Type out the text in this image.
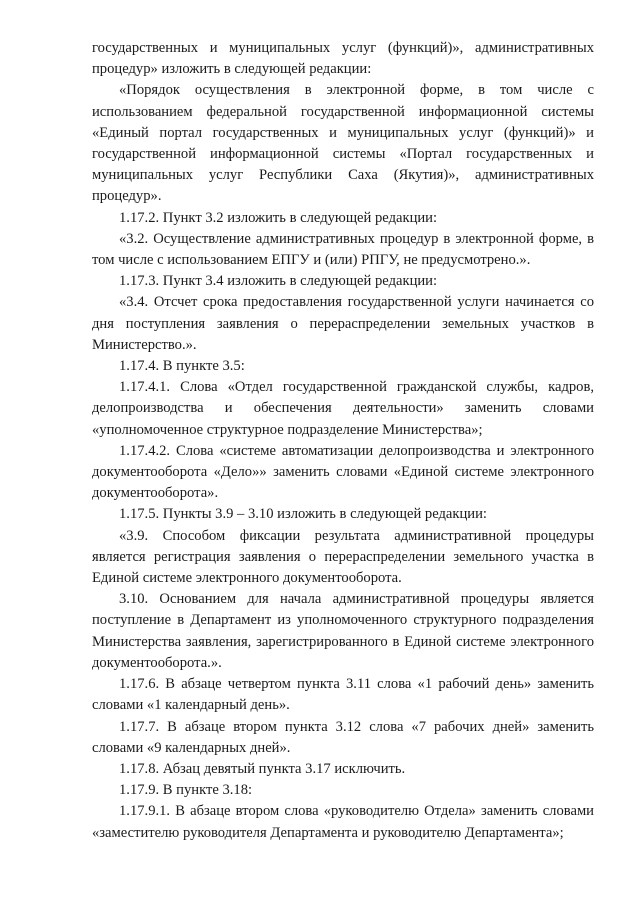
государственных и муниципальных услуг (функций)», административных процедур» изложить в следующей редакции:

«Порядок осуществления в электронной форме, в том числе с использованием федеральной государственной информационной системы «Единый портал государственных и муниципальных услуг (функций)» и государственной информационной системы «Портал государственных и муниципальных услуг Республики Саха (Якутия)», административных процедур».

1.17.2. Пункт 3.2 изложить в следующей редакции:

«3.2. Осуществление административных процедур в электронной форме, в том числе с использованием ЕПГУ и (или) РПГУ, не предусмотрено.».

1.17.3. Пункт 3.4 изложить в следующей редакции:

«3.4. Отсчет срока предоставления государственной услуги начинается со дня поступления заявления о перераспределении земельных участков в Министерство.».

1.17.4. В пункте 3.5:

1.17.4.1. Слова «Отдел государственной гражданской службы, кадров, делопроизводства и обеспечения деятельности» заменить словами «уполномоченное структурное подразделение Министерства»;

1.17.4.2. Слова «системе автоматизации делопроизводства и электронного документооборота «Дело»» заменить словами «Единой системе электронного документооборота».

1.17.5. Пункты 3.9 – 3.10 изложить в следующей редакции:

«3.9. Способом фиксации результата административной процедуры является регистрация заявления о перераспределении земельного участка в Единой системе электронного документооборота.

3.10. Основанием для начала административной процедуры является поступление в Департамент из уполномоченного структурного подразделения Министерства заявления, зарегистрированного в Единой системе электронного документооборота.».

1.17.6. В абзаце четвертом пункта 3.11 слова «1 рабочий день» заменить словами «1 календарный день».

1.17.7. В абзаце втором пункта 3.12 слова «7 рабочих дней» заменить словами «9 календарных дней».

1.17.8. Абзац девятый пункта 3.17 исключить.

1.17.9. В пункте 3.18:

1.17.9.1. В абзаце втором слова «руководителю Отдела» заменить словами «заместителю руководителя Департамента и руководителю Департамента»;
